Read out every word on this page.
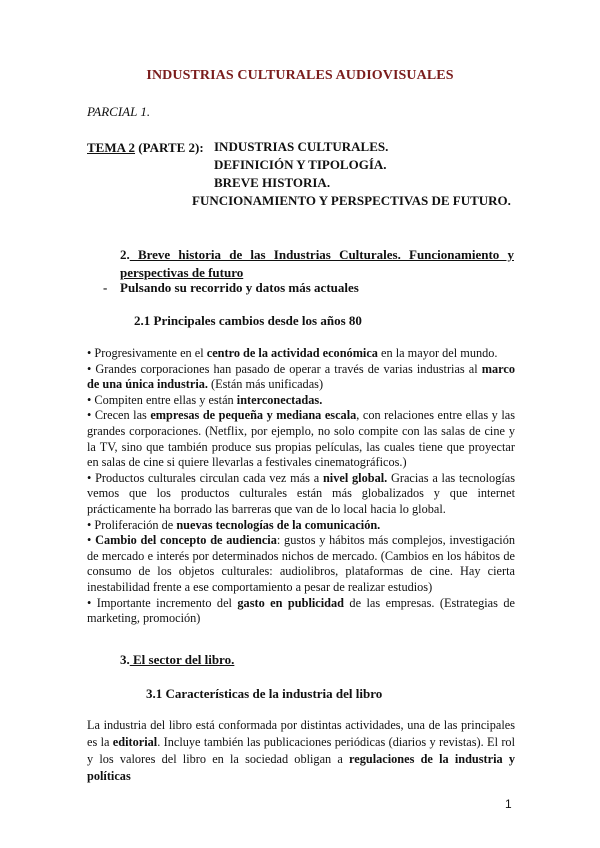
INDUSTRIAS CULTURALES AUDIOVISUALES
PARCIAL 1.
TEMA 2 (PARTE 2): INDUSTRIAS CULTURALES.
DEFINICIÓN Y TIPOLOGÍA.
BREVE HISTORIA.
FUNCIONAMIENTO Y PERSPECTIVAS DE FUTURO.
2. Breve historia de las Industrias Culturales. Funcionamiento y perspectivas de futuro
- Pulsando su recorrido y datos más actuales
2.1 Principales cambios desde los años 80

• Progresivamente en el centro de la actividad económica en la mayor del mundo.

• Grandes corporaciones han pasado de operar a través de varias industrias al marco de una única industria. (Están más unificadas)

• Compiten entre ellas y están interconectadas.

• Crecen las empresas de pequeña y mediana escala, con relaciones entre ellas y las grandes corporaciones. (Netflix, por ejemplo, no solo compite con las salas de cine y la TV, sino que también produce sus propias películas, las cuales tiene que proyectar en salas de cine si quiere llevarlas a festivales cinematográficos.)

• Productos culturales circulan cada vez más a nivel global. Gracias a las tecnologías vemos que los productos culturales están más globalizados y que internet prácticamente ha borrado las barreras que van de lo local hacia lo global.

• Proliferación de nuevas tecnologías de la comunicación.

• Cambio del concepto de audiencia: gustos y hábitos más complejos, investigación de mercado e interés por determinados nichos de mercado. (Cambios en los hábitos de consumo de los objetos culturales: audiolibros, plataformas de cine. Hay cierta inestabilidad frente a ese comportamiento a pesar de realizar estudios)

• Importante incremento del gasto en publicidad de las empresas. (Estrategias de marketing, promoción)

3. El sector del libro.
3.1 Características de la industria del libro
La industria del libro está conformada por distintas actividades, una de las principales es la editorial. Incluye también las publicaciones periódicas (diarios y revistas). El rol y los valores del libro en la sociedad obligan a regulaciones de la industria y políticas
1
